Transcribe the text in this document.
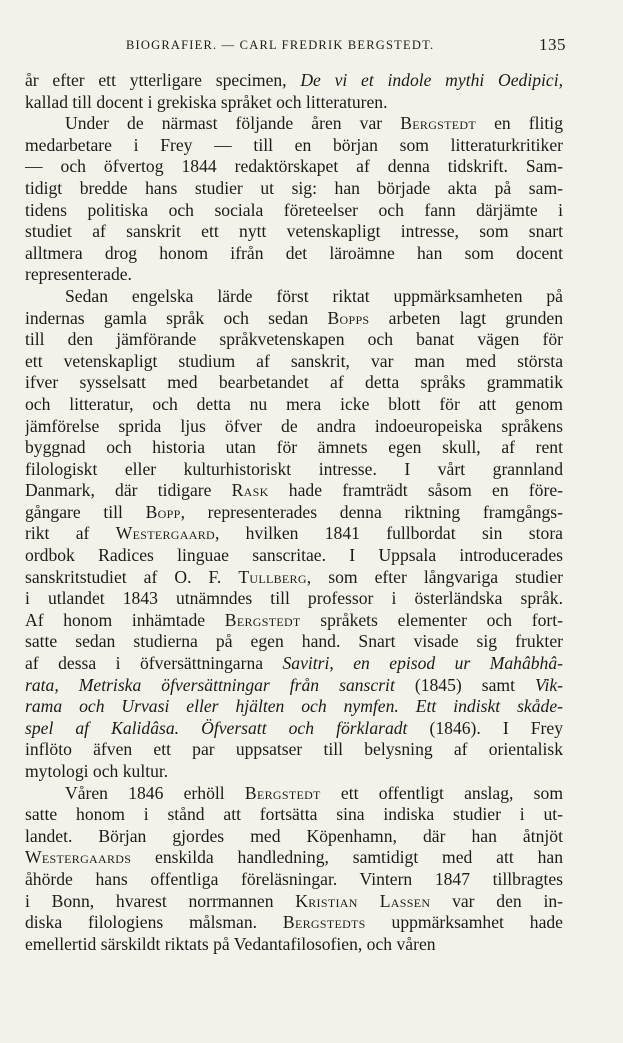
BIOGRAFIER. — CARL FREDRIK BERGSTEDT.	135
år efter ett ytterligare specimen, De vi et indole mythi Oedipici,
kallad till docent i grekiska språket och litteraturen.
Under de närmast följande åren var Bergstedt en flitig
medarbetare i Frey — till en början som litteraturkritiker
— och öfvertog 1844 redaktörskapet af denna tidskrift. Sam-
tidigt bredde hans studier ut sig: han började akta på sam-
tidens politiska och sociala företeelser och fann därjämte i
studiet af sanskrit ett nytt vetenskapligt intresse, som snart
alltmera drog honom ifrån det läroämne han som docent
representerade.
Sedan engelska lärde först riktat uppmärksamheten på
indernas gamla språk och sedan Bopps arbeten lagt grunden
till den jämförande språkvetenskapen och banat vägen för
ett vetenskapligt studium af sanskrit, var man med största
ifver sysselsatt med bearbetandet af detta språks grammatik
och litteratur, och detta nu mera icke blott för att genom
jämförelse sprida ljus öfver de andra indoeuropeiska språkens
byggnad och historia utan för ämnets egen skull, af rent
filologiskt eller kulturhistoriskt intresse. I vårt grannland
Danmark, där tidigare Rask hade framträdt såsom en före-
gångare till Bopp, representerades denna riktning framgångs-
rikt af Westergaard, hvilken 1841 fullbordat sin stora
ordbok Radices linguae sanscritae. I Uppsala introducerades
sanskritstudiet af O. F. Tullberg, som efter långvariga studier
i utlandet 1843 utnämndes till professor i österländska språk.
Af honom inhämtade Bergstedt språkets elementer och fort-
satte sedan studierna på egen hand. Snart visade sig frukter
af dessa i öfversättningarna Savitri, en episod ur Mahâbhâ-
rata, Metriska öfversättningar från sanscrit (1845) samt Vik-
rama och Urvasi eller hjälten och nymfen. Ett indiskt skåde-
spel af Kalidâsa. Öfversatt och förklaradt (1846). I Frey
inflöto äfven ett par uppsatser till belysning af orientalisk
mytologi och kultur.
Våren 1846 erhöll Bergstedt ett offentligt anslag, som
satte honom i stånd att fortsätta sina indiska studier i ut-
landet. Början gjordes med Köpenhamn, där han åtnjöt
Westergaards enskilda handledning, samtidigt med att han
åhörde hans offentliga föreläsningar. Vintern 1847 tillbragtes
i Bonn, hvarest norrmannen Kristian Lassen var den in-
diska filologiens målsman. Bergstedts uppmärksamhet hade
emellertid särskildt riktats på Vedantafilosofien, och våren
